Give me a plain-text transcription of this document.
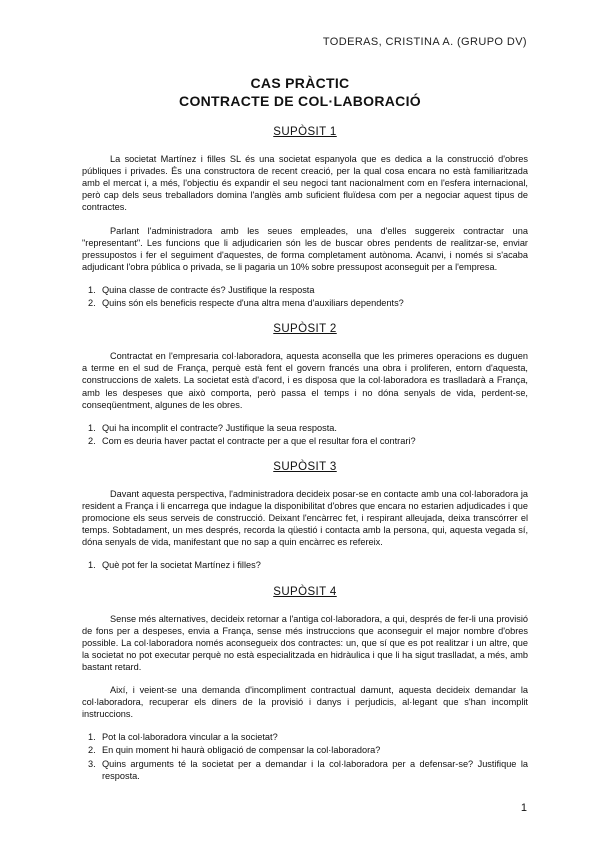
TODERAS, CRISTINA A. (GRUPO DV)
CAS PRÀCTIC
CONTRACTE DE COL·LABORACIÓ
SUPÒSIT 1

La societat Martínez i filles SL és una societat espanyola que es dedica a la construcció d'obres públiques i privades. És una constructora de recent creació, per la qual cosa encara no està familiaritzada amb el mercat i, a més, l'objectiu és expandir el seu negoci tant nacionalment com en l'esfera internacional, però cap dels seus treballadors domina l'anglès amb suficient fluïdesa com per a negociar aquest tipus de contractes.

Parlant l'administradora amb les seues empleades, una d'elles suggereix contractar una "representant". Les funcions que li adjudicarien són les de buscar obres pendents de realitzar-se, enviar pressupostos i fer el seguiment d'aquestes, de forma completament autònoma. Acanvi, i només si s'acaba adjudicant l'obra pública o privada, se li pagaria un 10% sobre pressupost aconseguit per a l'empresa.

1. Quina classe de contracte és? Justifique la resposta
2. Quins són els beneficis respecte d'una altra mena d'auxiliars dependents?
SUPÒSIT 2

Contractat en l'empresaria col·laboradora, aquesta aconsella que les primeres operacions es duguen a terme en el sud de França, perquè està fent el govern francés una obra i proliferen, entorn d'aquesta, construccions de xalets. La societat està d'acord, i es disposa que la col·laboradora es traslladarà a França, amb les despeses que això comporta, però passa el temps i no dóna senyals de vida, perdent-se, conseqüentment, algunes de les obres.

1. Qui ha incomplit el contracte? Justifique la seua resposta.
2. Com es deuria haver pactat el contracte per a que el resultar fora el contrari?
SUPÒSIT 3

Davant aquesta perspectiva, l'administradora decideix posar-se en contacte amb una col·laboradora ja resident a França i li encarrega que indague la disponibilitat d'obres que encara no estarien adjudicades i que promocione els seus serveis de construcció. Deixant l'encàrrec fet, i respirant alleujada, deixa transcórrer el temps. Sobtadament, un mes després, recorda la qüestió i contacta amb la persona, qui, aquesta vegada sí, dóna senyals de vida, manifestant que no sap a quin encàrrec es refereix.

1. Què pot fer la societat Martínez i filles?
SUPÒSIT 4

Sense més alternatives, decideix retornar a l'antiga col·laboradora, a qui, després de fer-li una provisió de fons per a despeses, envia a França, sense més instruccions que aconseguir el major nombre d'obres possible. La col·laboradora només aconsegueix dos contractes: un, que sí que es pot realitzar i un altre, que la societat no pot executar perquè no està especialitzada en hidràulica i que li ha sigut traslladat, a més, amb bastant retard.

Així, i veient-se una demanda d'incompliment contractual damunt, aquesta decideix demandar la col·laboradora, recuperar els diners de la provisió i danys i perjudicis, al·legant que s'han incomplit instruccions.

1. Pot la col·laboradora vincular a la societat?
2. En quin moment hi haurà obligació de compensar la col·laboradora?
3. Quins arguments té la societat per a demandar i la col·laboradora per a defensar-se? Justifique la resposta.
1
